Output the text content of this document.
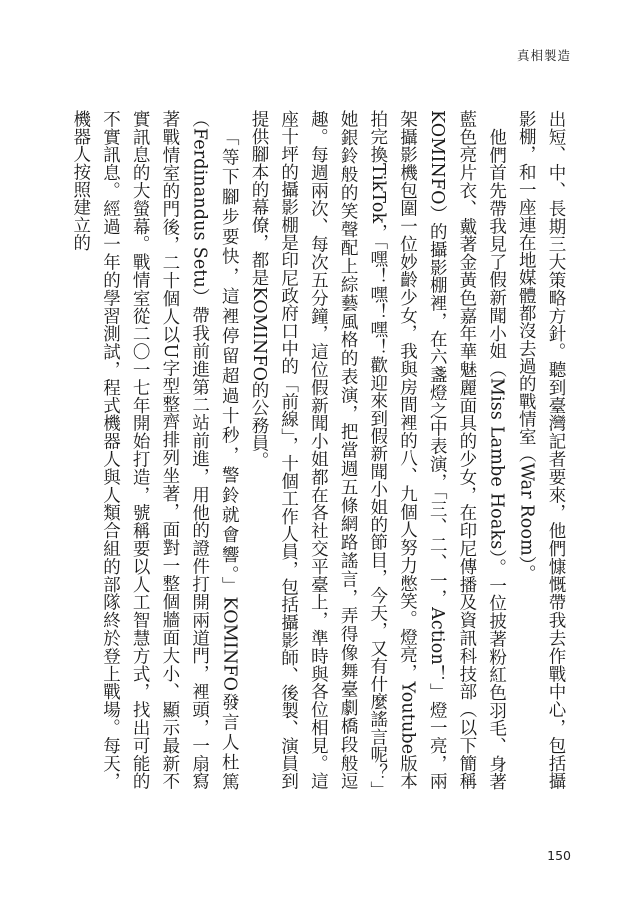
真相製造

出短、中、長期三大策略方針。聽到臺灣記者要來，他們慷慨帶我去作戰中心，包括攝影棚，和一座連在地媒體都沒去過的戰情室（War Room）。

他們首先帶我見了假新聞小姐（Miss Lambe Hoaks）。一位披著粉紅色羽毛、身著藍色亮片衣、戴著金黃色嘉年華魅麗面具的少女，在印尼傳播及資訊科技部（以下簡稱KOMINFO）的攝影棚裡，在六盞燈之中表演，「三、二、一，Action！」燈一亮，兩架攝影機包圍一位妙齡少女，我與房間裡的八、九個人努力憋笑。燈亮，Youtube版本拍完換TikTok，「嘿！嘿！嘿！歡迎來到假新聞小姐的節目，今天，又有什麼謠言呢？」她銀鈴般的笑聲配上綜藝風格的表演，把當週五條網路謠言，弄得像舞臺劇橋段般逗趣。每週兩次、每次五分鐘，這位假新聞小姐都在各社交平臺上，準時與各位相見。這座十坪的攝影棚是印尼政府口中的「前線」，十個工作人員，包括攝影師、後製、演員到提供腳本的幕僚，都是KOMINFO的公務員。

「等下腳步要快，這裡停留超過十秒，警鈴就會響。」KOMINFO發言人杜篤（Ferdinandus Setu）帶我前進第二站前進，用他的證件打開兩道門，裡頭，一扇寫著戰情室的門後，二十個人以U字型整齊排列坐著，面對一整個牆面大小、顯示最新不實訊息的大螢幕。戰情室從二〇一七年開始打造，號稱要以人工智慧方式，找出可能的不實訊息。經過一年的學習測試，程式機器人與人類合組的部隊終於登上戰場。每天，機器人按照建立的

150
